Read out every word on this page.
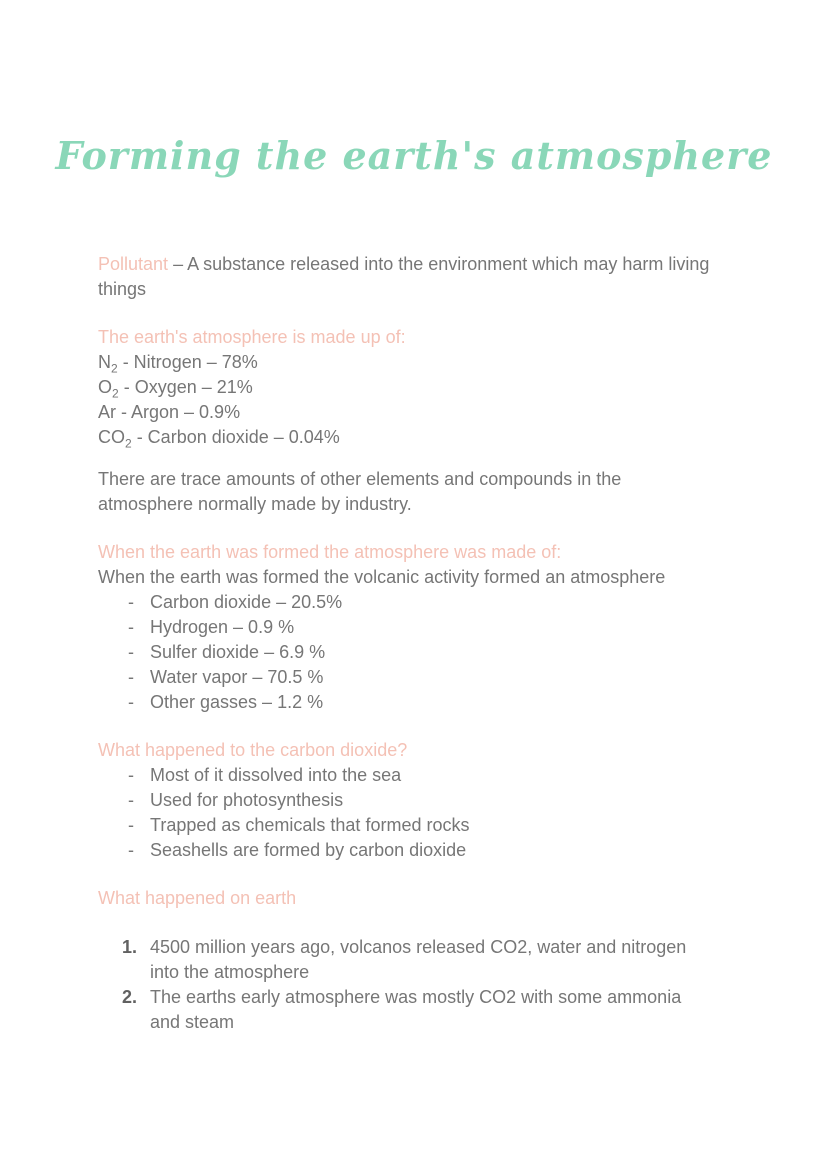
Forming the earth's atmosphere

Pollutant – A substance released into the environment which may harm living things

The earth's atmosphere is made up of:

$N_2$ - Nitrogen – 78%

$O_2$ - Oxygen – 21%

Ar - Argon – 0.9%

$CO_2$ - Carbon dioxide – 0.04%

There are trace amounts of other elements and compounds in the atmosphere normally made by industry.

When the earth was formed the atmosphere was made of:

When the earth was formed the volcanic activity formed an atmosphere

- Carbon dioxide – 20.5%
- Hydrogen – 0.9 %
- Sulfer dioxide – 6.9 %
- Water vapor – 70.5 %
- Other gasses – 1.2 %

What happened to the carbon dioxide?

- Most of it dissolved into the sea
- Used for photosynthesis
- Trapped as chemicals that formed rocks
- Seashells are formed by carbon dioxide

What happened on earth

1. 4500 million years ago, volcanos released CO2, water and nitrogen into the atmosphere
2. The earths early atmosphere was mostly CO2 with some ammonia and steam
